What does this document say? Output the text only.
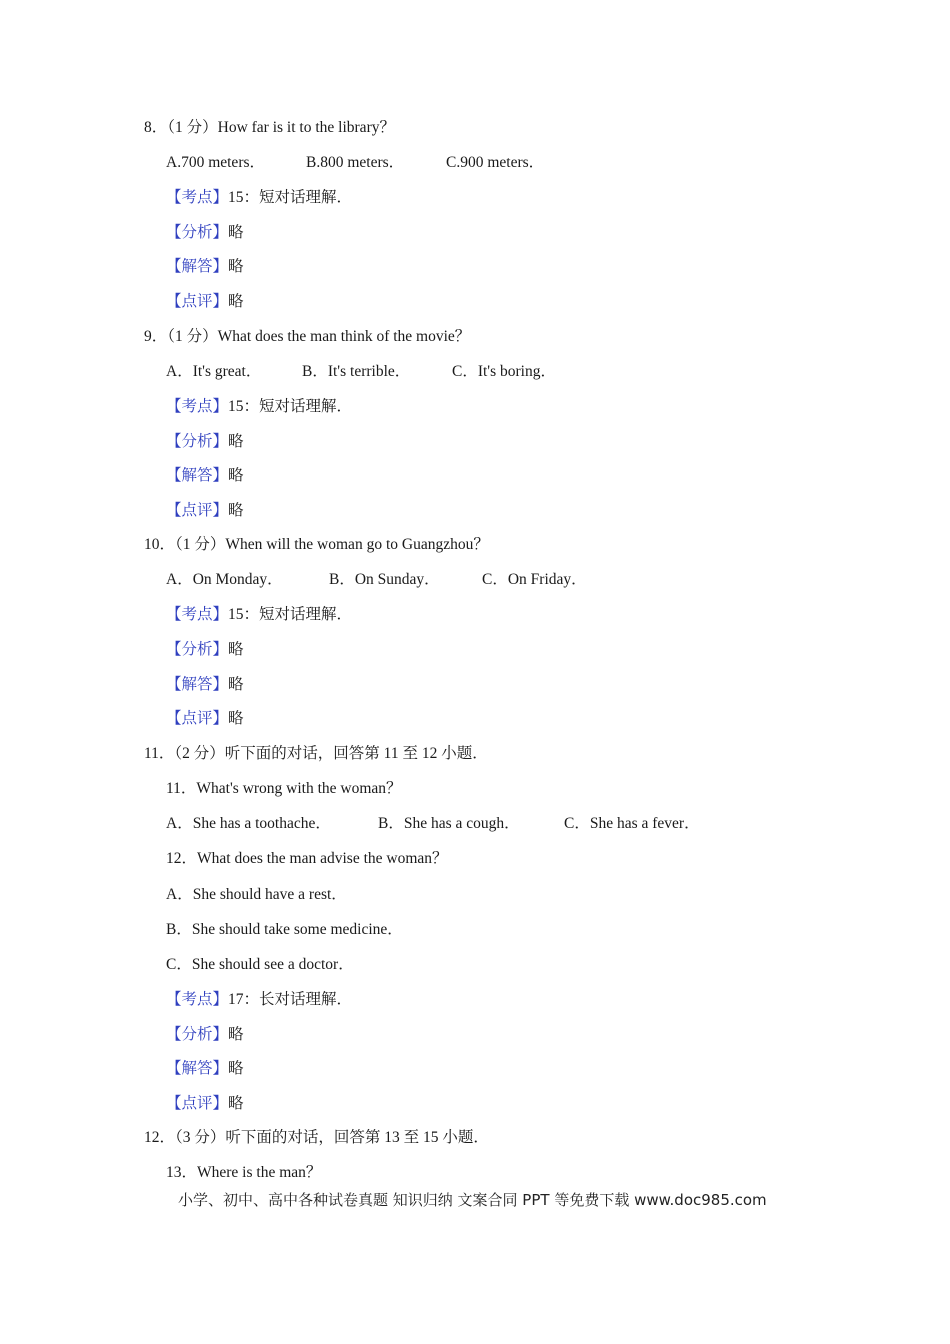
8．（1 分）How far is it to the library？
A.700 meters．	B.800 meters．	C.900 meters．
【考点】15：短对话理解．
【分析】略
【解答】略
【点评】略
9．（1 分）What does the man think of the movie？
A．It's great．	B．It's terrible．	C．It's boring．
【考点】15：短对话理解．
【分析】略
【解答】略
【点评】略
10．（1 分）When will the woman go to Guangzhou？
A．On Monday．	B．On Sunday．	C．On Friday．
【考点】15：短对话理解．
【分析】略
【解答】略
【点评】略
11．（2 分）听下面的对话，回答第 11 至 12 小题．
11．What's wrong with the woman？
A．She has a toothache．	B．She has a cough．	C．She has a fever．
12．What does the man advise the woman？
A．She should have a rest．
B．She should take some medicine．
C．She should see a doctor．
【考点】17：长对话理解．
【分析】略
【解答】略
【点评】略
12．（3 分）听下面的对话，回答第 13 至 15 小题．
13．Where is the man？
小学、初中、高中各种试卷真题 知识归纳 文案合同 PPT 等免费下载 www.doc985.com
